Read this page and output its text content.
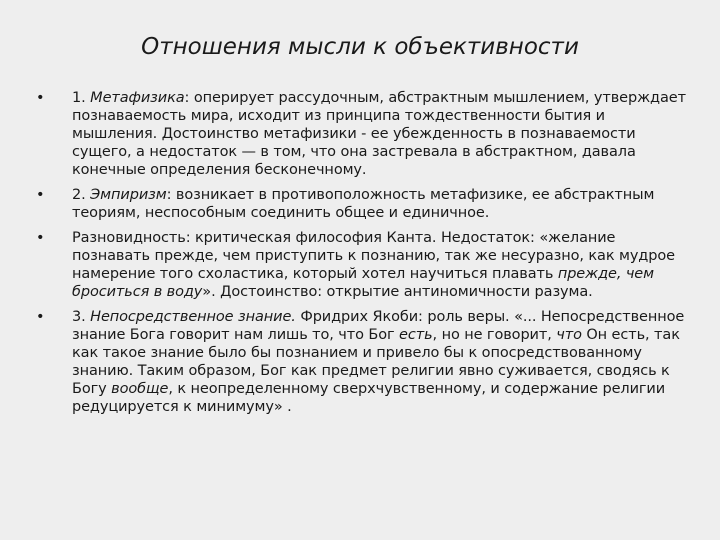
Отношения мысли к объективности
• 1. Метафизика: оперирует рассудочным, абстрактным мышлением, утверждает познаваемость мира, исходит из принципа тождественности бытия и мышления. Достоинство метафизики - ее убежденность в познаваемости сущего, а недостаток — в том, что она застревала в абстрактном, давала конечные определения бесконечному.
• 2. Эмпиризм: возникает в противоположность метафизике, ее абстрактным теориям, неспособным соединить общее и единичное.
• Разновидность: критическая философия Канта. Недостаток: «желание познавать прежде, чем приступить к познанию, так же несуразно, как мудрое намерение того схоластика, который хотел научиться плавать прежде, чем броситься в воду». Достоинство: открытие антиномичности разума.
• 3. Непосредственное знание. Фридрих Якоби: роль веры. «... Непосредственное знание Бога говорит нам лишь то, что Бог есть, но не говорит, что Он есть, так как такое знание было бы познанием и привело бы к опосредствованному знанию. Таким образом, Бог как предмет религии явно суживается, сводясь к Богу вообще, к неопределенному сверхчувственному, и содержание религии редуцируется к минимуму» .
